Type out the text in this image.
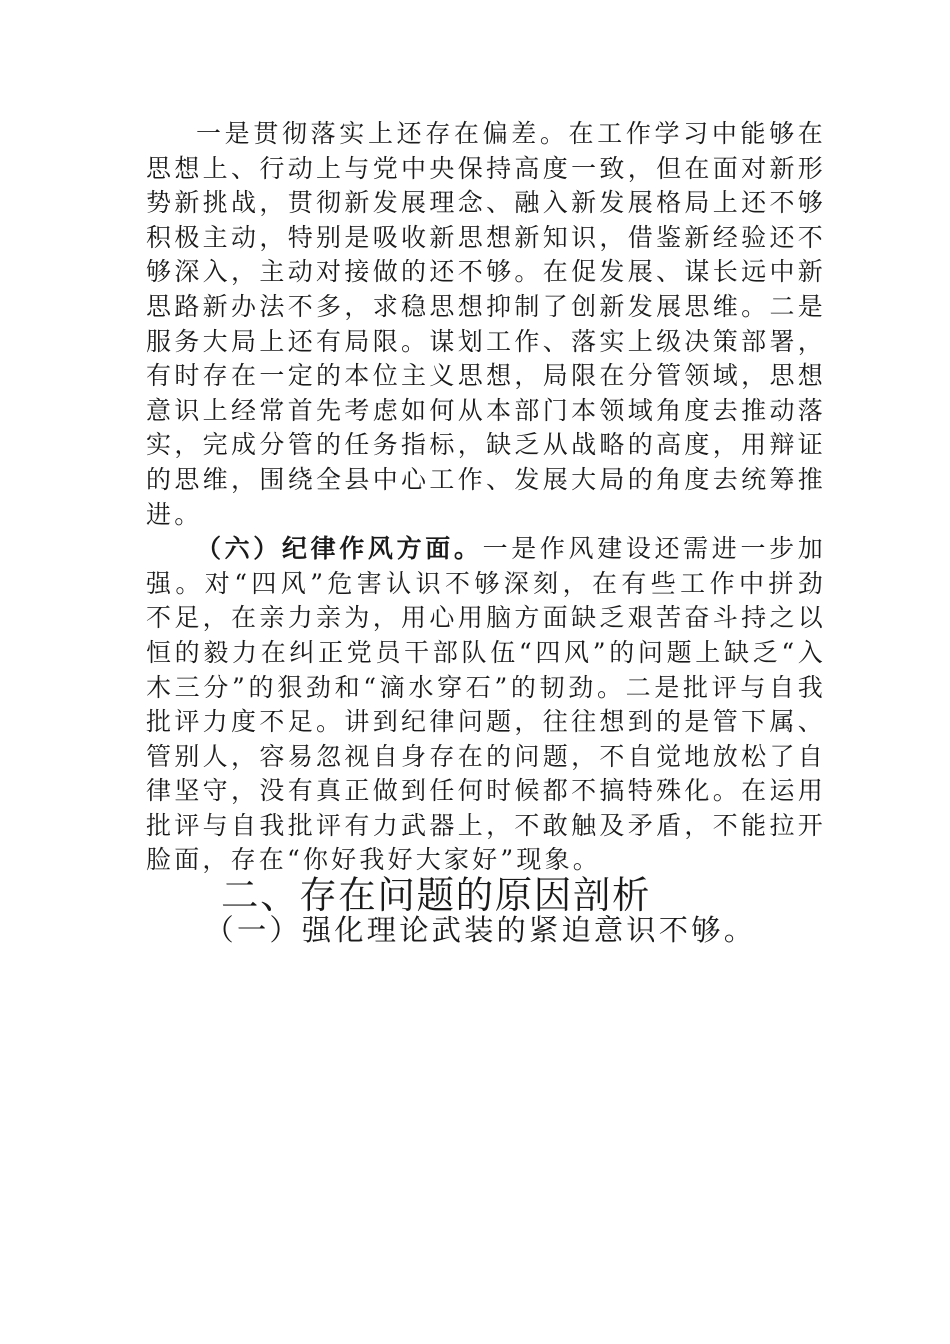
一是贯彻落实上还存在偏差。在工作学习中能够在思想上、行动上与党中央保持高度一致，但在面对新形势新挑战，贯彻新发展理念、融入新发展格局上还不够积极主动，特别是吸收新思想新知识，借鉴新经验还不够深入，主动对接做的还不够。在促发展、谋长远中新思路新办法不多，求稳思想抑制了创新发展思维。二是服务大局上还有局限。谋划工作、落实上级决策部署，有时存在一定的本位主义思想，局限在分管领域，思想意识上经常首先考虑如何从本部门本领域角度去推动落实，完成分管的任务指标，缺乏从战略的高度，用辩证的思维，围绕全县中心工作、发展大局的角度去统筹推进。

（六）纪律作风方面。一是作风建设还需进一步加强。对“四风”危害认识不够深刻，在有些工作中拼劲不足，在亲力亲为，用心用脑方面缺乏艰苦奋斗持之以恒的毅力在纠正党员干部队伍“四风”的问题上缺乏“入木三分”的狠劲和“滴水穿石”的韧劲。二是批评与自我批评力度不足。讲到纪律问题，往往想到的是管下属、管别人，容易忽视自身存在的问题，不自觉地放松了自律坚守，没有真正做到任何时候都不搞特殊化。在运用批评与自我批评有力武器上，不敢触及矛盾，不能拉开脸面，存在“你好我好大家好”现象。

二、存在问题的原因剖析
（一）强化理论武装的紧迫意识不够。
